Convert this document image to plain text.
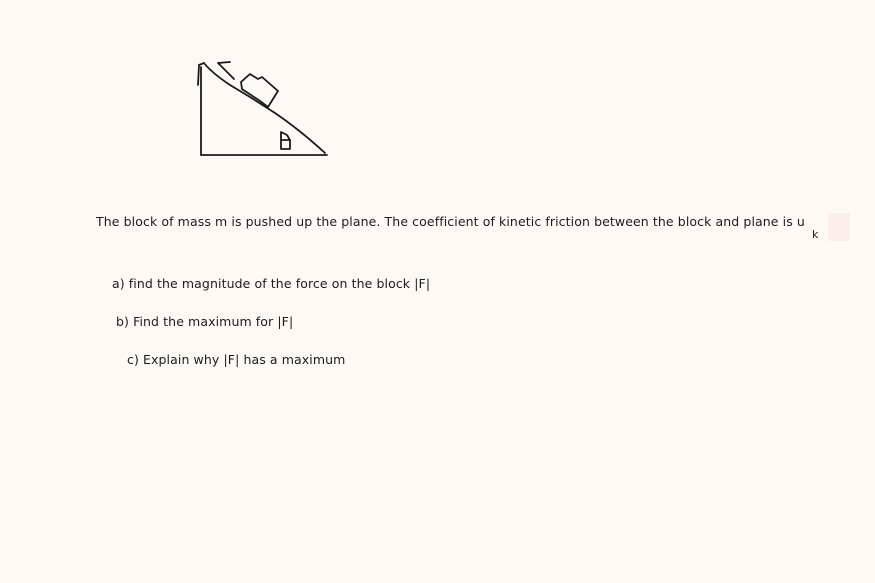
The block of mass m is pushed up the plane. The coefficient of kinetic friction between the block and plane is u
k
a) find the magnitude of the force on the block |F|
b) Find the maximum for |F|
c) Explain why |F| has a maximum
